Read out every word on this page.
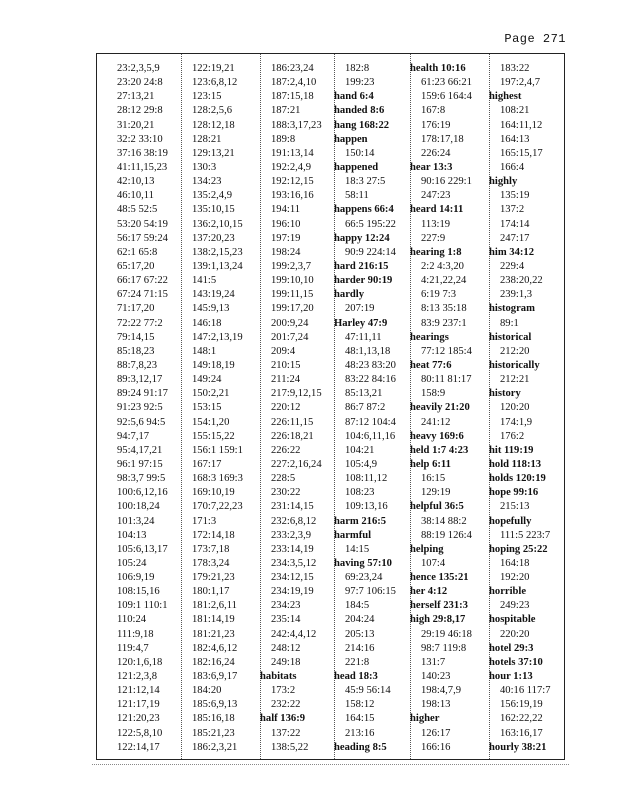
Page 271
23:2,3,5,9
23:20 24:8
27:13,21
28:12 29:8
31:20,21
32:2 33:10
37:16 38:19
41:11,15,23
42:10,13
46:10,11
48:5 52:5
53:20 54:19
56:17 59:24
62:1 65:8
65:17,20
66:17 67:22
67:24 71:15
71:17,20
72:22 77:2
79:14,15
85:18,23
88:7,8,23
89:3,12,17
89:24 91:17
91:23 92:5
92:5,6 94:5
94:7,17
95:4,17,21
96:1 97:15
98:3,7 99:5
100:6,12,16
100:18,24
101:3,24
104:13
105:6,13,17
105:24
106:9,19
108:15,16
109:1 110:1
110:24
111:9,18
119:4,7
120:1,6,18
121:2,3,8
121:12,14
121:17,19
121:20,23
122:5,8,10
122:14,17
122:19,21
123:6,8,12
123:15
128:2,5,6
128:12,18
128:21
129:13,21
130:3
134:23
135:2,4,9
135:10,15
136:2,10,15
137:20,23
138:2,15,23
139:1,13,24
141:5
143:19,24
145:9,13
146:18
147:2,13,19
148:1
149:18,19
149:24
150:2,21
153:15
154:1,20
155:15,22
156:1 159:1
167:17
168:3 169:3
169:10,19
170:7,22,23
171:3
172:14,18
173:7,18
178:3,24
179:21,23
180:1,17
181:2,6,11
181:14,19
181:21,23
182:4,6,12
182:16,24
183:6,9,17
184:20
185:6,9,13
185:16,18
185:21,23
186:2,3,21
186:23,24
187:2,4,10
187:15,18
187:21
188:3,17,23
189:8
191:13,14
192:2,4,9
192:12,15
193:16,16
194:11
196:10
197:19
198:24
199:2,3,7
199:10,10
199:11,15
199:17,20
200:9,24
201:7,24
209:4
210:15
211:24
217:9,12,15
220:12
226:11,15
226:18,21
226:22
227:2,16,24
228:5
230:22
231:14,15
232:6,8,12
233:2,3,9
233:14,19
234:3,5,12
234:12,15
234:19,19
234:23
235:14
242:4,4,12
248:12
249:18
habitats
173:2
232:22
half 136:9
137:22
138:5,22
182:8
199:23
hand 6:4
handed 8:6
hang 168:22
happen
150:14
happened
18:3 27:5
58:11
happens 66:4
66:5 195:22
happy 12:24
90:9 224:14
hard 216:15
harder 90:19
hardly
207:19
Harley 47:9
47:11,11
48:1,13,18
48:23 83:20
83:22 84:16
85:13,21
86:7 87:2
87:12 104:4
104:6,11,16
104:21
105:4,9
108:11,12
108:23
109:13,16
harm 216:5
harmful
14:15
having 57:10
69:23,24
97:7 106:15
184:5
204:24
205:13
214:16
221:8
head 18:3
45:9 56:14
158:12
164:15
213:16
heading 8:5
health 10:16
61:23 66:21
159:6 164:4
167:8
176:19
178:17,18
226:24
hear 13:3
90:16 229:1
247:23
heard 14:11
113:19
227:9
hearing 1:8
2:2 4:3,20
4:21,22,24
6:19 7:3
8:13 35:18
83:9 237:1
hearings
77:12 185:4
heat 77:6
80:11 81:17
158:9
heavily 21:20
241:12
heavy 169:6
held 1:7 4:23
help 6:11
16:15
129:19
helpful 36:5
38:14 88:2
88:19 126:4
helping
107:4
hence 135:21
her 4:12
herself 231:3
high 29:8,17
29:19 46:18
98:7 119:8
131:7
140:23
198:4,7,9
198:13
higher
126:17
166:16
183:22
197:2,4,7
highest
108:21
164:11,12
164:13
165:15,17
166:4
highly
135:19
137:2
174:14
247:17
him 34:12
229:4
238:20,22
239:1,3
histogram
89:1
historical
212:20
historically
212:21
history
120:20
174:1,9
176:2
hit 119:19
hold 118:13
holds 120:19
hope 99:16
215:13
hopefully
111:5 223:7
hoping 25:22
164:18
192:20
horrible
249:23
hospitable
220:20
hotel 29:3
hotels 37:10
hour 1:13
40:16 117:7
156:19,19
162:22,22
163:16,17
hourly 38:21
